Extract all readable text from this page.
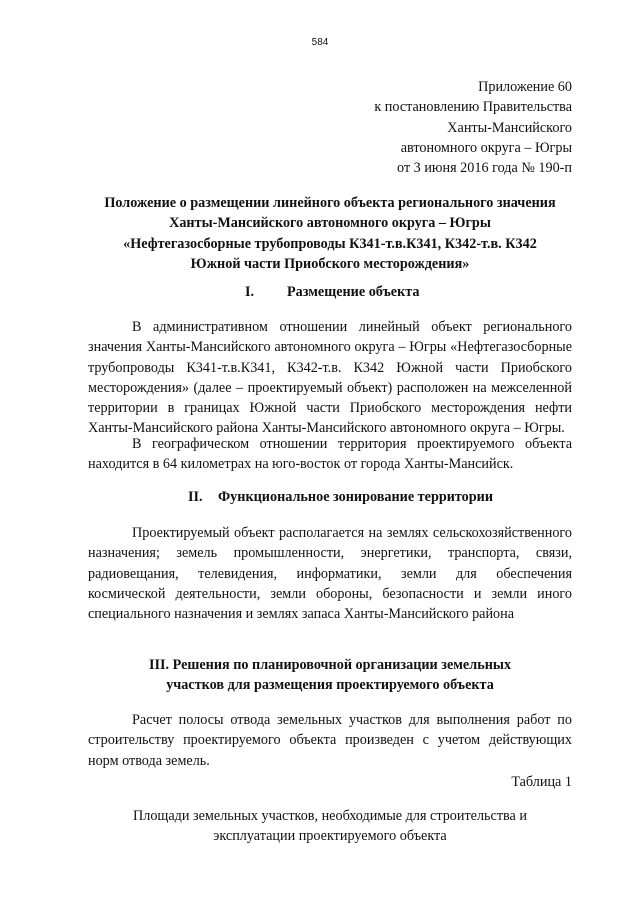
584
Приложение 60
к постановлению Правительства
Ханты-Мансийского
автономного округа – Югры
от 3 июня 2016 года № 190-п
Положение о размещении линейного объекта регионального значения
Ханты-Мансийского автономного округа – Югры
«Нефтегазосборные трубопроводы К341-т.в.К341, К342-т.в. К342
Южной части Приобского месторождения»
I. Размещение объекта
В административном отношении линейный объект регионального значения Ханты-Мансийского автономного округа – Югры «Нефтегазосборные трубопроводы К341-т.в.К341, К342-т.в. К342 Южной части Приобского месторождения» (далее – проектируемый объект) расположен на межселенной территории в границах Южной части Приобского месторождения нефти Ханты-Мансийского района Ханты-Мансийского автономного округа – Югры.
В географическом отношении территория проектируемого объекта находится в 64 километрах на юго-восток от города Ханты-Мансийск.
II. Функциональное зонирование территории
Проектируемый объект располагается на землях сельскохозяйственного назначения; земель промышленности, энергетики, транспорта, связи, радиовещания, телевидения, информатики, земли для обеспечения космической деятельности, земли обороны, безопасности и земли иного специального назначения и землях запаса Ханты-Мансийского района
III. Решения по планировочной организации земельных
участков для размещения проектируемого объекта
Расчет полосы отвода земельных участков для выполнения работ по строительству проектируемого объекта произведен с учетом действующих норм отвода земель.
Таблица 1
Площади земельных участков, необходимые для строительства и
эксплуатации проектируемого объекта
